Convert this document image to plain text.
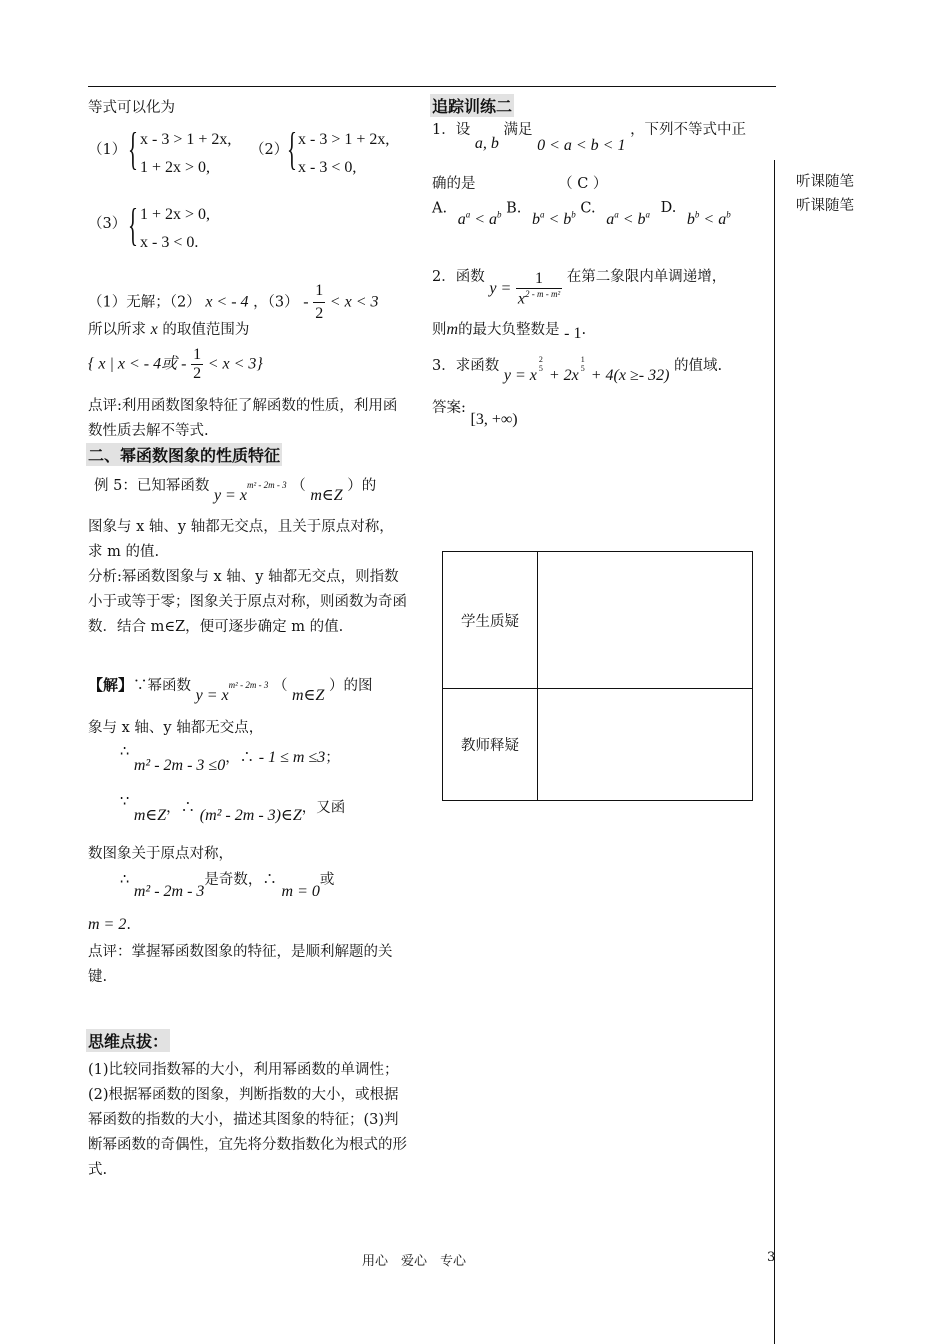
等式可以化为
（1） { x - 3 > 1 + 2x,
1 + 2x > 0,
（2）
{ x - 3 > 1 + 2x,
x - 3 < 0,
（3） { 1 + 2x > 0,
x - 3 < 0.
（1）无解；（2） x < - 4 ，$(3) - \frac{1}{2} < x < 3$
所以所求 x 的取值范围为
{ x | x < - 4或 - $\frac{1}{2} < x < 3$}
点评:利用函数图象特征了解函数的性质，利用函数性质去解不等式.
二、幂函数图象的性质特征
例 5：已知幂函数 $y = x^{m^2 - 2m - 3}$ （ m∈Z ）的
图象与 x 轴、y 轴都无交点，且关于原点对称，求 m 的值.
分析:幂函数图象与 x 轴、y 轴都无交点，则指数小于或等于零；图象关于原点对称，则函数为奇函数．结合 m∈Z，便可逐步确定 m 的值.
【解】∵幂函数 $y = x^{m^2 - 2m - 3}$ （ m∈Z ）的图
象与 x 轴、y 轴都无交点，
∴ m² - 2m - 3 ≤0，∴ - 1 ≤ m ≤3；
∵ m∈Z，∴ (m² - 2m - 3)∈Z，又函
数图象关于原点对称，
∴ m² - 2m - 3是奇数，∴ m = 0或
m = 2.
点评：掌握幂函数图象的特征，是顺利解题的关键.
思维点拔：
(1)比较同指数幂的大小，利用幂函数的单调性；(2)根据幂函数的图象，判断指数的大小，或根据幂函数的指数的大小，描述其图象的特征；(3)判断幂函数的奇偶性，宜先将分数指数化为根式的形式.
追踪训练二
1．设 a, b 满足 0 < a < b < 1 ，下列不等式中正
确的是	（ C ）
A. $a^a < a^b$ B. $b^a < b^b$ C. $a^a < b^a$ D. $b^b < a^b$
2．函数 $y = \frac{1}{x^{2 - m - m^2}}$ 在第二象限内单调递增，
则m的最大负整数是 - 1.
3．求函数 y = x
2
5 + 2x
1
5 + 4(x ≥- 32) 的值域.
答案: [3, +∞)
学生质疑	
教师释疑	
听课随笔
听课随笔
用心　爱心　专心	3
